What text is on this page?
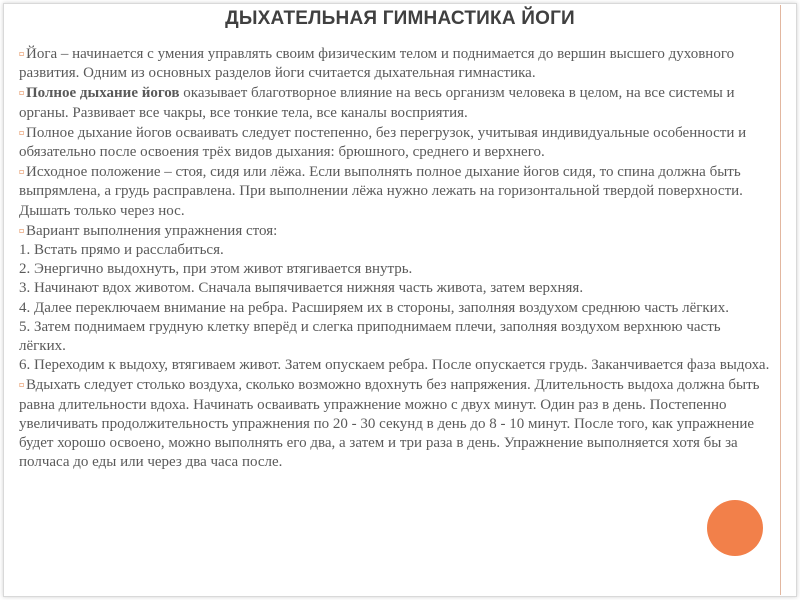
ДЫХАТЕЛЬНАЯ ГИМНАСТИКА ЙОГИ

▫ Йога – начинается с умения управлять своим физическим телом и поднимается до вершин высшего духовного развития. Одним из основных разделов йоги считается дыхательная гимнастика.

▫ Полное дыхание йогов оказывает благотворное влияние на весь организм человека в целом, на все системы и органы. Развивает все чакры, все тонкие тела, все каналы восприятия.

▫ Полное дыхание йогов осваивать следует постепенно, без перегрузок, учитывая индивидуальные особенности и обязательно после освоения трёх видов дыхания: брюшного, среднего и верхнего.

▫ Исходное положение – стоя, сидя или лёжа. Если выполнять полное дыхание йогов сидя, то спина должна быть выпрямлена, а грудь расправлена. При выполнении лёжа нужно лежать на горизонтальной твердой поверхности. Дышать только через нос.

▫ Вариант выполнения упражнения стоя:

1. Встать прямо и расслабиться.

2. Энергично выдохнуть, при этом живот втягивается внутрь.

3. Начинают вдох животом. Сначала выпячивается нижняя часть живота, затем верхняя.

4. Далее переключаем внимание на ребра. Расширяем их в стороны, заполняя воздухом среднюю часть лёгких.

5. Затем поднимаем грудную клетку вперёд и слегка приподнимаем плечи, заполняя воздухом верхнюю часть лёгких.

6. Переходим к выдоху, втягиваем живот. Затем опускаем ребра. После опускается грудь. Заканчивается фаза выдоха.

▫ Вдыхать следует столько воздуха, сколько возможно вдохнуть без напряжения. Длительность выдоха должна быть равна длительности вдоха. Начинать осваивать упражнение можно с двух минут. Один раз в день. Постепенно увеличивать продолжительность упражнения по 20 - 30 секунд в день до 8 - 10 минут. После того, как упражнение будет хорошо освоено, можно выполнять его два, а затем и три раза в день. Упражнение выполняется хотя бы за полчаса до еды или через два часа после.
